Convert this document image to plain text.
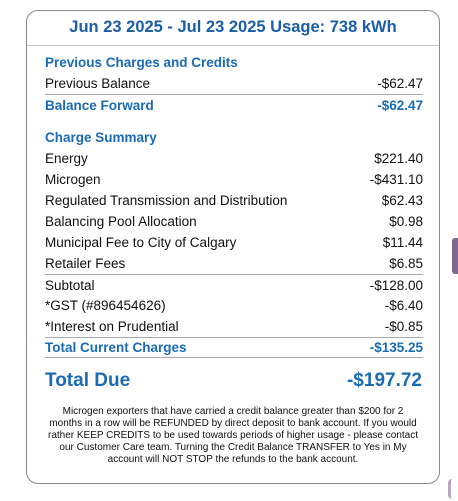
Jun 23 2025 - Jul 23 2025 Usage: 738 kWh
Previous Charges and Credits
Previous Balance	-$62.47
Balance Forward	-$62.47
Charge Summary
Energy	$221.40
Microgen	-$431.10
Regulated Transmission and Distribution	$62.43
Balancing Pool Allocation	$0.98
Municipal Fee to City of Calgary	$11.44
Retailer Fees	$6.85
Subtotal	-$128.00
*GST (#896454626)	-$6.40
*Interest on Prudential	-$0.85
Total Current Charges	-$135.25
Total Due	-$197.72
Microgen exporters that have carried a credit balance greater than $200 for 2 months in a row will be REFUNDED by direct deposit to bank account. If you would rather KEEP CREDITS to be used towards periods of higher usage - please contact our Customer Care team. Turning the Credit Balance TRANSFER to Yes in My account will NOT STOP the refunds to the bank account.
